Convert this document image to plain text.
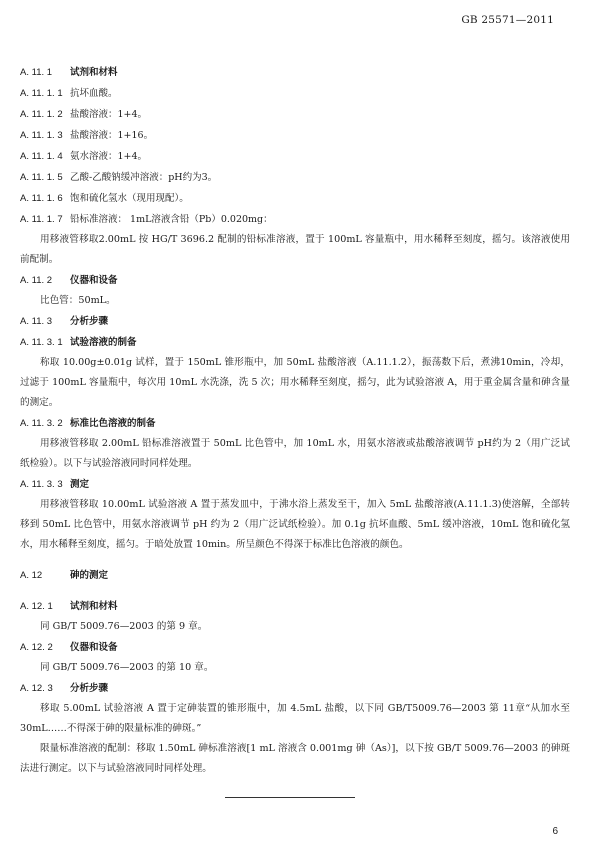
GB 25571—2011
A. 11. 1 试剂和材料
A. 11. 1. 1 抗坏血酸。
A. 11. 1. 2 盐酸溶液：1+4。
A. 11. 1. 3 盐酸溶液：1+16。
A. 11. 1. 4 氨水溶液：1+4。
A. 11. 1. 5 乙酸-乙酸钠缓冲溶液：pH约为3。
A. 11. 1. 6 饱和硫化氢水（现用现配）。
A. 11. 1. 7 铅标准溶液： 1mL溶液含铅（Pb）0.020mg：
用移液管移取2.00mL 按 HG/T 3696.2 配制的铅标准溶液，置于 100mL 容量瓶中，用水稀释至刻度，摇匀。该溶液使用前配制。
A. 11. 2 仪器和设备
比色管：50mL。
A. 11. 3 分析步骤
A. 11. 3. 1 试验溶液的制备
称取 10.00g±0.01g 试样，置于 150mL 锥形瓶中，加 50mL 盐酸溶液（A.11.1.2），振荡数下后，煮沸10min，冷却，过滤于 100mL 容量瓶中，每次用 10mL 水洗涤，洗 5 次；用水稀释至刻度，摇匀，此为试验溶液 A，用于重金属含量和砷含量的测定。
A. 11. 3. 2 标准比色溶液的制备
用移液管移取 2.00mL 铅标准溶液置于 50mL 比色管中，加 10mL 水，用氨水溶液或盐酸溶液调节 pH约为 2（用广泛试纸检验）。以下与试验溶液同时同样处理。
A. 11. 3. 3 测定
用移液管移取 10.00mL 试验溶液 A 置于蒸发皿中，于沸水浴上蒸发至干，加入 5mL 盐酸溶液(A.11.1.3)使溶解，全部转移到 50mL 比色管中，用氨水溶液调节 pH 约为 2（用广泛试纸检验）。加 0.1g 抗坏血酸、5mL 缓冲溶液，10mL 饱和硫化氢水，用水稀释至刻度，摇匀。于暗处放置 10min。所呈颜色不得深于标准比色溶液的颜色。
A. 12	砷的测定
A. 12. 1 试剂和材料
同 GB/T 5009.76—2003 的第 9 章。
A. 12. 2 仪器和设备
同 GB/T 5009.76—2003 的第 10 章。
A. 12. 3 分析步骤
移取 5.00mL 试验溶液 A 置于定砷装置的锥形瓶中，加 4.5mL 盐酸，以下同 GB/T5009.76—2003 第 11章“从加水至 30mL……不得深于砷的限量标准的砷斑。”
限量标准溶液的配制：移取 1.50mL 砷标准溶液[1 mL 溶液含 0.001mg 砷（As）]，以下按 GB/T 5009.76—2003 的砷斑法进行测定。以下与试验溶液同时同样处理。
6
